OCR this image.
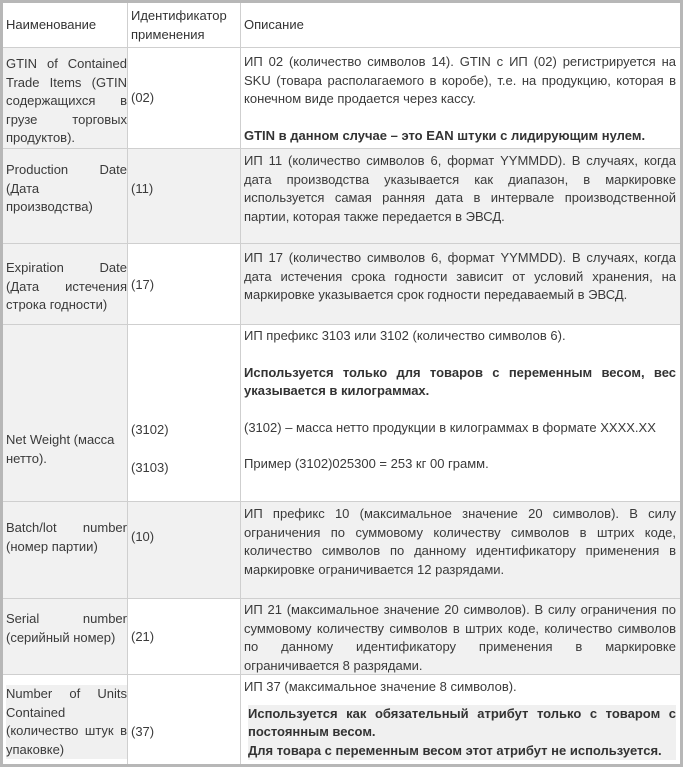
Наименование
Идентификатор применения
Описание
GTIN of Contained Trade Items (GTIN содержащихся в грузе торговых продуктов).
(02)

ИП 02 (количество символов 14). GTIN с ИП (02) регистрируется на SKU (товара располагаемого в коробе), т.е. на продукцию, которая в конечном виде продается через кассу.

GTIN в данном случае – это EAN штуки с лидирующим нулем.

Production Date (Дата производства)
(11)
ИП 11 (количество символов 6, формат YYMMDD). В случаях, когда дата производства указывается как диапазон, в маркировке используется самая ранняя дата в интервале производственной партии, которая также передается в ЭВСД.
Expiration Date (Дата истечения строка годности)
(17)
ИП 17 (количество символов 6, формат YYMMDD). В случаях, когда дата истечения срока годности зависит от условий хранения, на маркировке указывается срок годности передаваемый в ЭВСД.
Net Weight (масса нетто).
(3102)
(3103)

ИП префикс 3103 или 3102 (количество символов 6).

Используется только для товаров с переменным весом, вес указывается в килограммах.

(3102) – масса нетто продукции в килограммах в формате XXXX.XX

Пример (3102)025300 = 253 кг 00 грамм.

Batch/lot number (номер партии)
(10)
ИП префикс 10 (максимальное значение 20 символов). В силу ограничения по суммовому количеству символов в штрих коде, количество символов по данному идентификатору применения в маркировке ограничивается 12 разрядами.
Serial number (серийный номер)	(21)
ИП 21 (максимальное значение 20 символов). В силу ограничения по суммовому количеству символов в штрих коде, количество символов по данному идентификатору применения в маркировке ограничивается 8 разрядами.
Number of Units Contained (количество штук в упаковке)
(37)

ИП 37 (максимальное значение 8 символов).

Используется как обязательный атрибут только с товаром с постоянным весом.

Для товара с переменным весом этот атрибут не используется.
